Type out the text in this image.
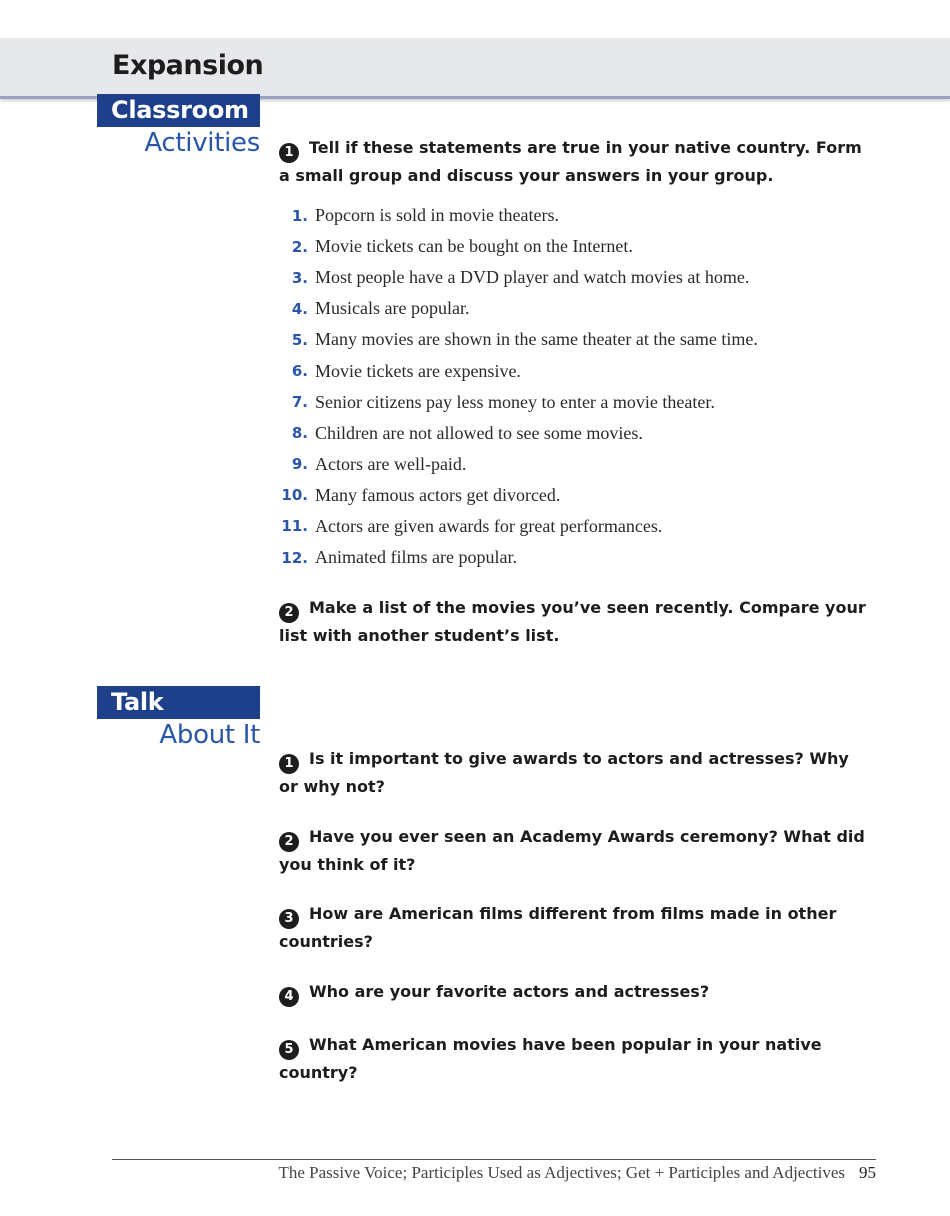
Expansion
Classroom
Activities	1 Tell if these statements are true in your native country. Form a small group and discuss your answers in your group.
1. Popcorn is sold in movie theaters.
2. Movie tickets can be bought on the Internet.
3. Most people have a DVD player and watch movies at home.
4. Musicals are popular.
5. Many movies are shown in the same theater at the same time.
6. Movie tickets are expensive.
7. Senior citizens pay less money to enter a movie theater.
8. Children are not allowed to see some movies.
9. Actors are well-paid.
10. Many famous actors get divorced.
11. Actors are given awards for great performances.
12. Animated films are popular.
2 Make a list of the movies you’ve seen recently. Compare your list with another student’s list.
Talk
About It
1 Is it important to give awards to actors and actresses? Why or why not?
2 Have you ever seen an Academy Awards ceremony? What did you think of it?
3 How are American films different from films made in other countries?
4 Who are your favorite actors and actresses?
5 What American movies have been popular in your native country?
The Passive Voice; Participles Used as Adjectives; Get + Participles and Adjectives 95
